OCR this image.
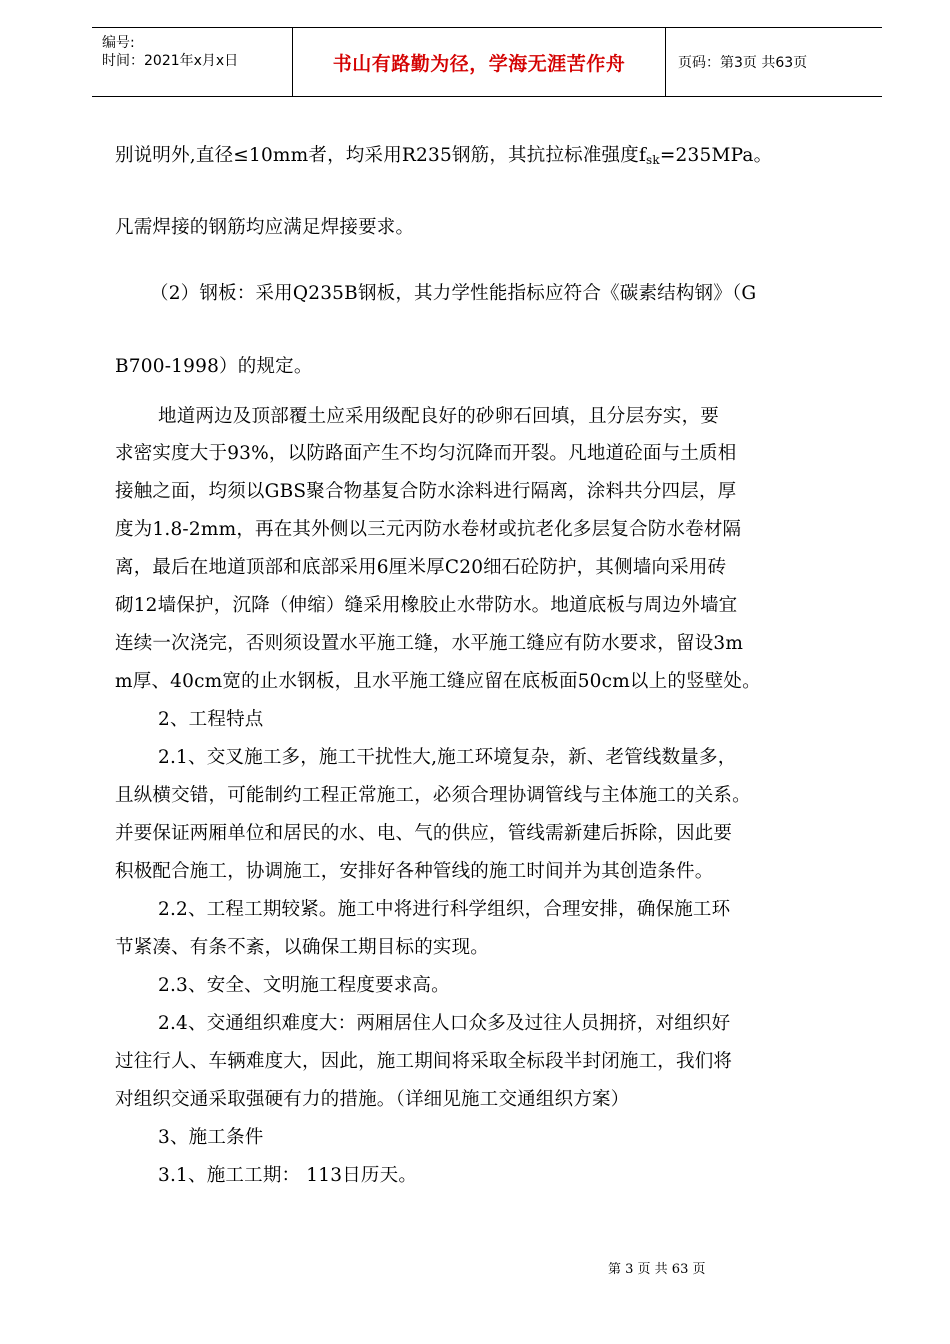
编号:
时间：2021年x月x日	书山有路勤为径，学海无涯苦作舟	页码：第3页 共63页
别说明外,直径≤10mm者，均采用R235钢筋，其抗拉标准强度$f_{sk}=235MPa$。
凡需焊接的钢筋均应满足焊接要求。
（2）钢板：采用Q235B钢板，其力学性能指标应符合《碳素结构钢》（G
B700-1998）的规定。
地道两边及顶部覆土应采用级配良好的砂卵石回填，且分层夯实，要
求密实度大于93%，以防路面产生不均匀沉降而开裂。凡地道砼面与土质相
接触之面，均须以GBS聚合物基复合防水涂料进行隔离，涂料共分四层，厚
度为1.8-2mm，再在其外侧以三元丙防水卷材或抗老化多层复合防水卷材隔
离，最后在地道顶部和底部采用6厘米厚C20细石砼防护，其侧墙向采用砖
砌12墙保护，沉降（伸缩）缝采用橡胶止水带防水。地道底板与周边外墙宜
连续一次浇完，否则须设置水平施工缝，水平施工缝应有防水要求，留设3m
m厚、40cm宽的止水钢板，且水平施工缝应留在底板面50cm以上的竖壁处。
2、工程特点
2.1、交叉施工多，施工干扰性大,施工环境复杂，新、老管线数量多，
且纵横交错，可能制约工程正常施工，必须合理协调管线与主体施工的关系。
并要保证两厢单位和居民的水、电、气的供应，管线需新建后拆除，因此要
积极配合施工，协调施工，安排好各种管线的施工时间并为其创造条件。
2.2、工程工期较紧。施工中将进行科学组织，合理安排，确保施工环
节紧凑、有条不紊，以确保工期目标的实现。
2.3、安全、文明施工程度要求高。
2.4、交通组织难度大：两厢居住人口众多及过往人员拥挤，对组织好
过往行人、车辆难度大，因此，施工期间将采取全标段半封闭施工，我们将
对组织交通采取强硬有力的措施。（详细见施工交通组织方案）
3、施工条件
3.1、施工工期： 113日历天。
第 3 页 共 63 页
